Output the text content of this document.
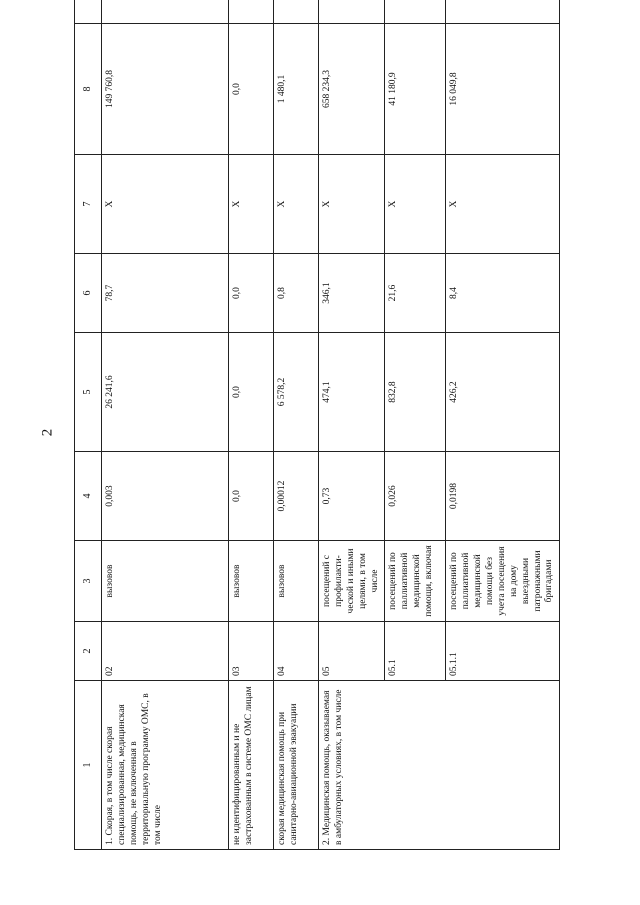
2
1	2	3	4	5	6	7	8		
1. Скорая, в том числе скорая специализированная, медицинская помощь, не включенная в территориальную программу ОМС, в том числе	02	вызовов	0,003	26 241,6	78,7	Х	149 760,8		
не идентифицированным и не застрахованным в системе ОМС лицам	03	вызовов	0,0	0,0	0,0	Х	0,0		
скорая медицинская помощь при санитарно-авиационной эвакуации	04	вызовов	0,00012	6 578,2	0,8	Х	1 480,1		
2. Медицинская помощь, оказываемая в амбулаторных условиях, в том числе	05	посещений с профилакти-ческой и иными целями, в том числе	0,73	474,1	346,1	Х	658 234,3		
	05.1	посещений по паллиативной медицинской помощи, включая	0,026	832,8	21,6	Х	41 180,9		
	05.1.1	посещений по паллиативной медицинской помощи без учета посещения на дому выездными патронажными бригадами	0,0198	426,2	8,4	Х	16 049,8		
